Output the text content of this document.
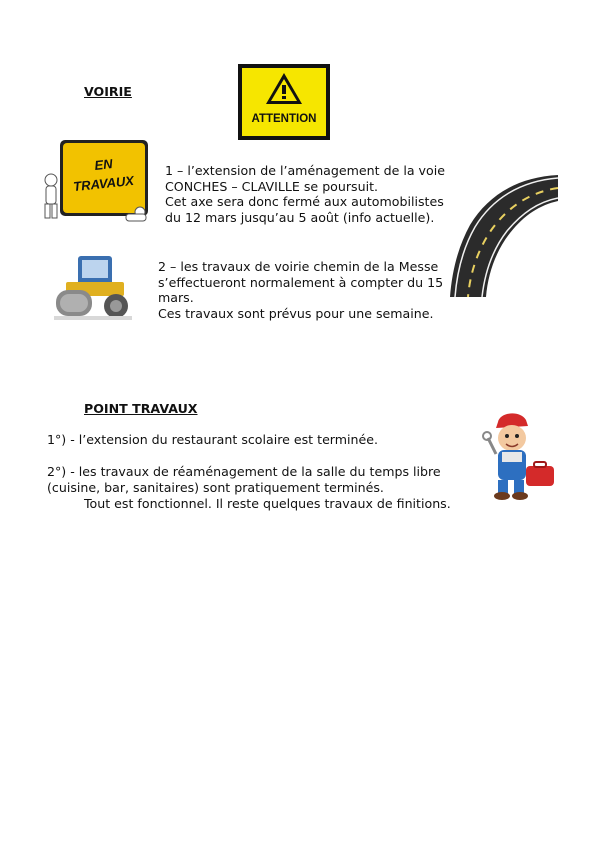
VOIRIE
ATTENTION
EN
TRAVAUX
1 – l’extension de l’aménagement de la voie
CONCHES – CLAVILLE se poursuit.
Cet axe sera donc fermé aux automobilistes
du 12 mars jusqu’au 5 août (info actuelle).
2 – les travaux de voirie chemin de la Messe
s’effectueront normalement à compter du 15
mars.
Ces travaux sont prévus pour une semaine.
POINT TRAVAUX
1°) - l’extension du restaurant scolaire est terminée.
2°) - les travaux de réaménagement de la salle du temps libre
(cuisine, bar, sanitaires) sont pratiquement terminés.
Tout est fonctionnel. Il reste quelques travaux de finitions.
